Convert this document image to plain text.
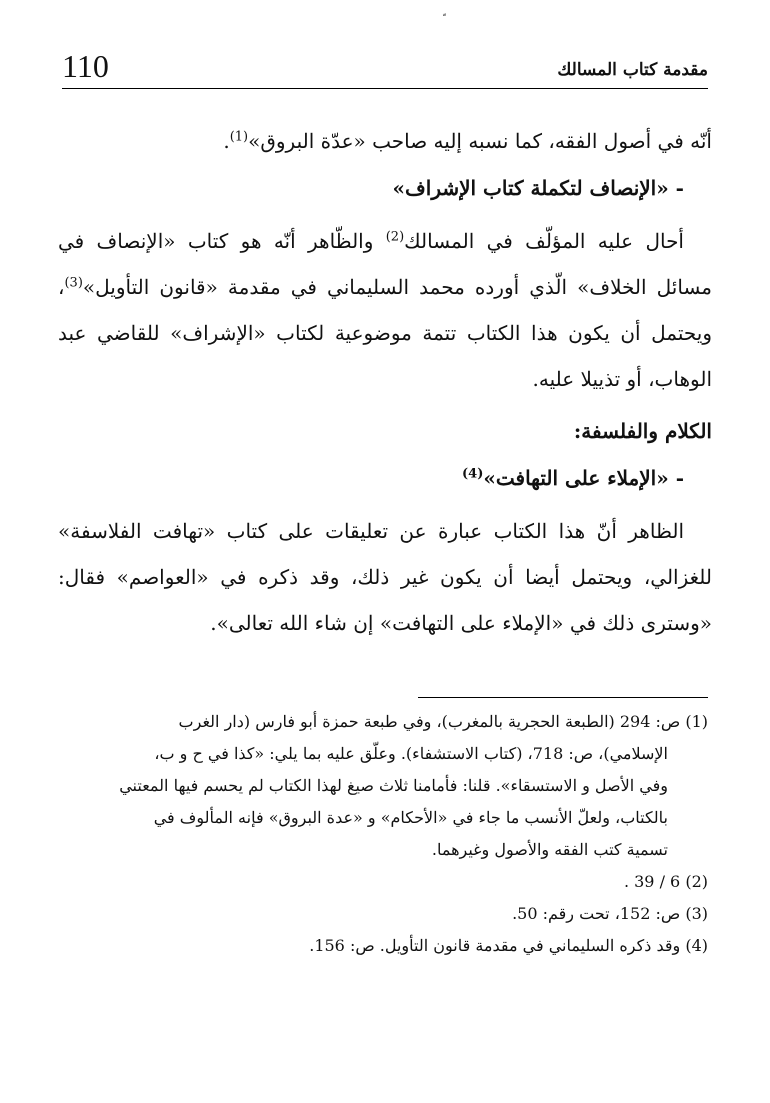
110	مقدمة كتاب المسالك

أنّه في أصول الفقه، كما نسبه إليه صاحب «عدّة البروق»$^{(1)}$.

- «الإنصاف لتكملة كتاب الإشراف»

أحال عليه المؤلّف في المسالك$^{(2)}$ والظّاهر أنّه هو كتاب «الإنصاف في مسائل الخلاف» الّذي أورده محمد السليماني في مقدمة «قانون التأويل»$^{(3)}$، ويحتمل أن يكون هذا الكتاب تتمة موضوعية لكتاب «الإشراف» للقاضي عبد الوهاب، أو تذييلا عليه.

الكلام والفلسفة:

- «الإملاء على التهافت»$^{(4)}$

الظاهر أنّ هذا الكتاب عبارة عن تعليقات على كتاب «تهافت الفلاسفة» للغزالي، ويحتمل أيضا أن يكون غير ذلك، وقد ذكره في «العواصم» فقال: «وسترى ذلك في «الإملاء على التهافت» إن شاء الله تعالى».

(1) ص: 294 (الطبعة الحجرية بالمغرب)، وفي طبعة حمزة أبو فارس (دار الغرب
الإسلامي)، ص: 718، (كتاب الاستشفاء). وعلّق عليه بما يلي: «كذا في ح و ب،
وفي الأصل و الاستسقاء». قلنا: فأمامنا ثلاث صيغ لهذا الكتاب لم يحسم فيها المعتني
بالكتاب، ولعلّ الأنسب ما جاء في «الأحكام» و «عدة البروق» فإنه المألوف في
تسمية كتب الفقه والأصول وغيرهما.
(2) 6 / 39 .
(3) ص: 152، تحت رقم: 50.
(4) وقد ذكره السليماني في مقدمة قانون التأويل. ص: 156.
